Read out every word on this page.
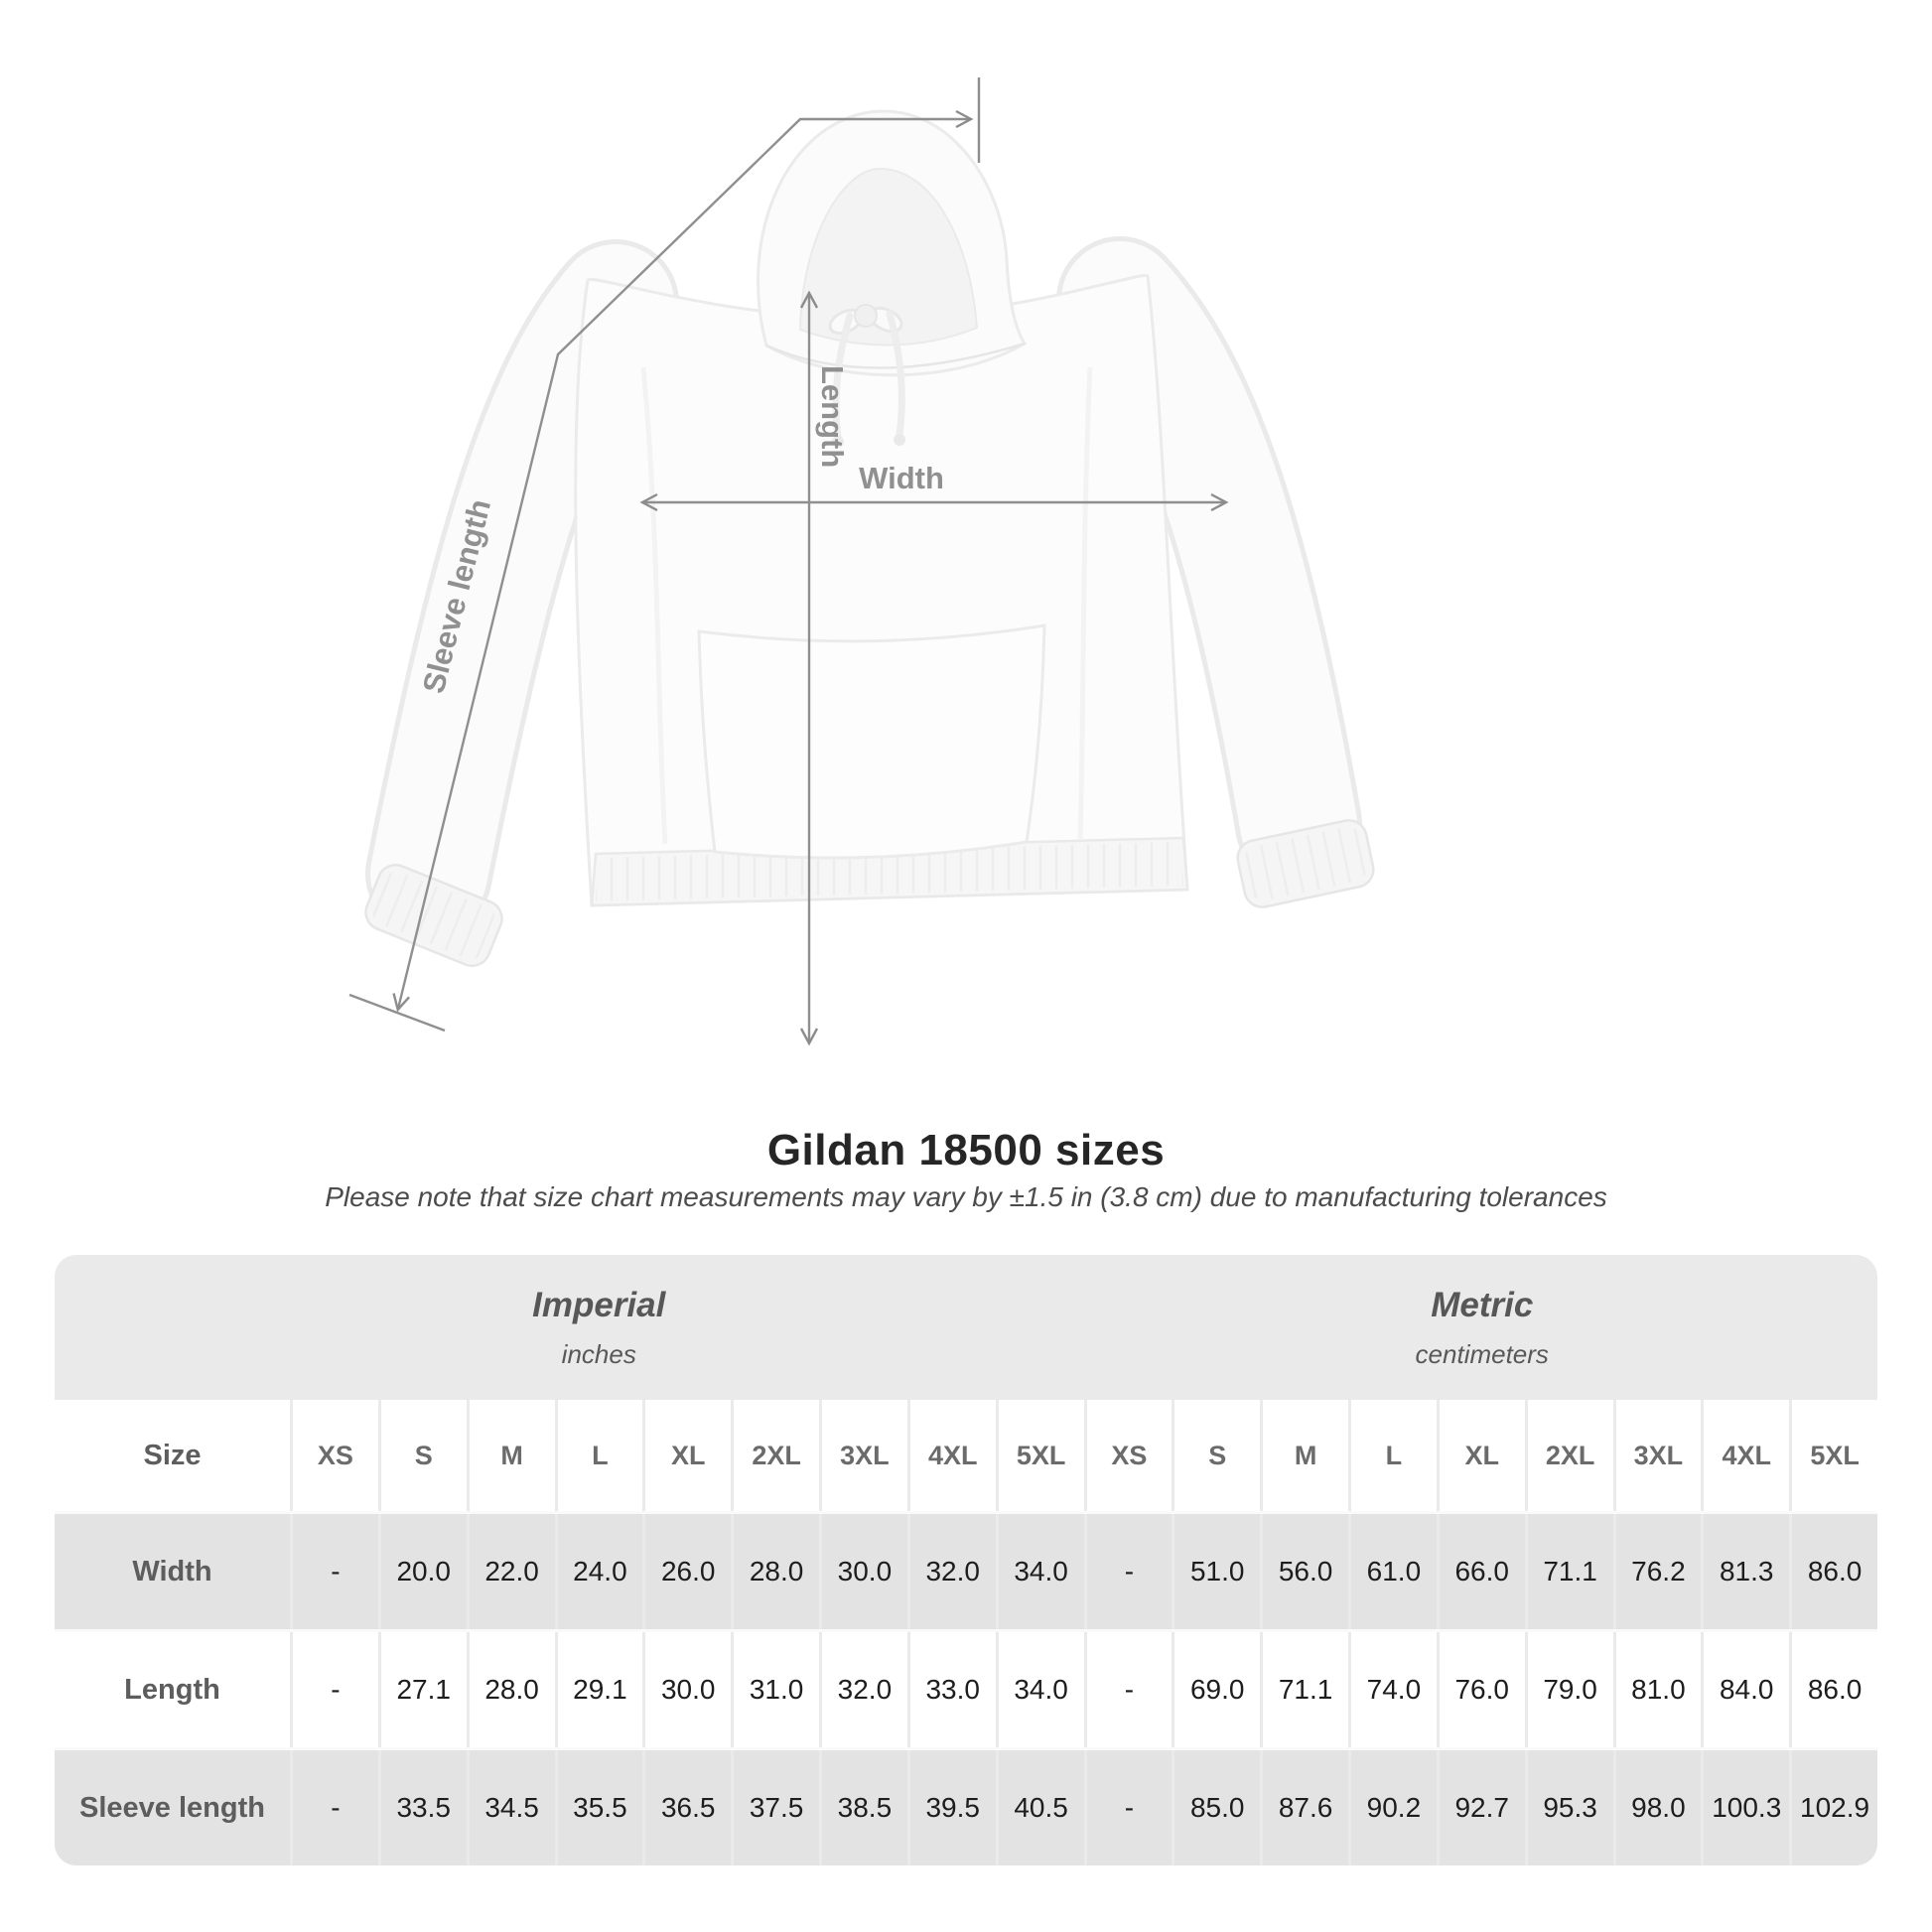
Length
Width
Sleeve length
Gildan 18500 sizes

Please note that size chart measurements may vary by ±1.5 in (3.8 cm) due to manufacturing tolerances

Imperial
inches
Metric
centimeters
Size	XS	S	M	L	XL	2XL	3XL	4XL	5XL	XS	S	M	L	XL	2XL	3XL	4XL	5XL
Width	-	20.0	22.0	24.0	26.0	28.0	30.0	32.0	34.0	-	51.0	56.0	61.0	66.0	71.1	76.2	81.3	86.0
Length	-	27.1	28.0	29.1	30.0	31.0	32.0	33.0	34.0	-	69.0	71.1	74.0	76.0	79.0	81.0	84.0	86.0
Sleeve length	-	33.5	34.5	35.5	36.5	37.5	38.5	39.5	40.5	-	85.0	87.6	90.2	92.7	95.3	98.0 100.3 102.9
